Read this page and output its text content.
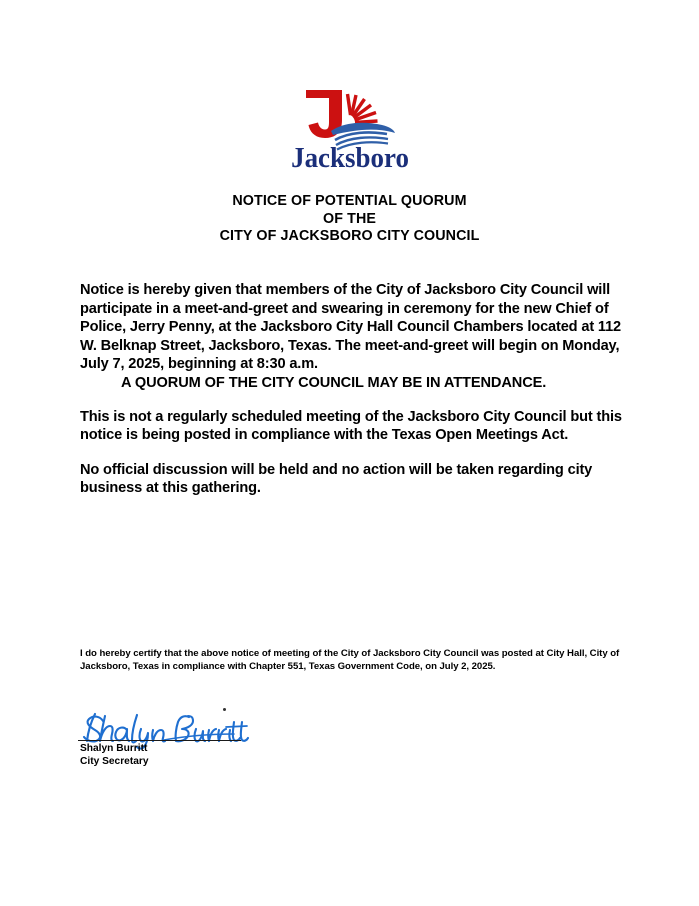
Jacksboro
NOTICE OF POTENTIAL QUORUM
OF THE
CITY OF JACKSBORO CITY COUNCIL

Notice is hereby given that members of the City of Jacksboro City Council will participate in a meet-and-greet and swearing in ceremony for the new Chief of Police, Jerry Penny, at the Jacksboro City Hall Council Chambers located at 112 W. Belknap Street, Jacksboro, Texas. The meet-and-greet will begin on Monday, July 7, 2025, beginning at 8:30 a.m.

A QUORUM OF THE CITY COUNCIL MAY BE IN ATTENDANCE.

This is not a regularly scheduled meeting of the Jacksboro City Council but this notice is being posted in compliance with the Texas Open Meetings Act.

No official discussion will be held and no action will be taken regarding city business at this gathering.

I do hereby certify that the above notice of meeting of the City of Jacksboro City Council was posted at City Hall, City of Jacksboro, Texas in compliance with Chapter 551, Texas Government Code, on July 2, 2025.
Shalyn Burritt
City Secretary
